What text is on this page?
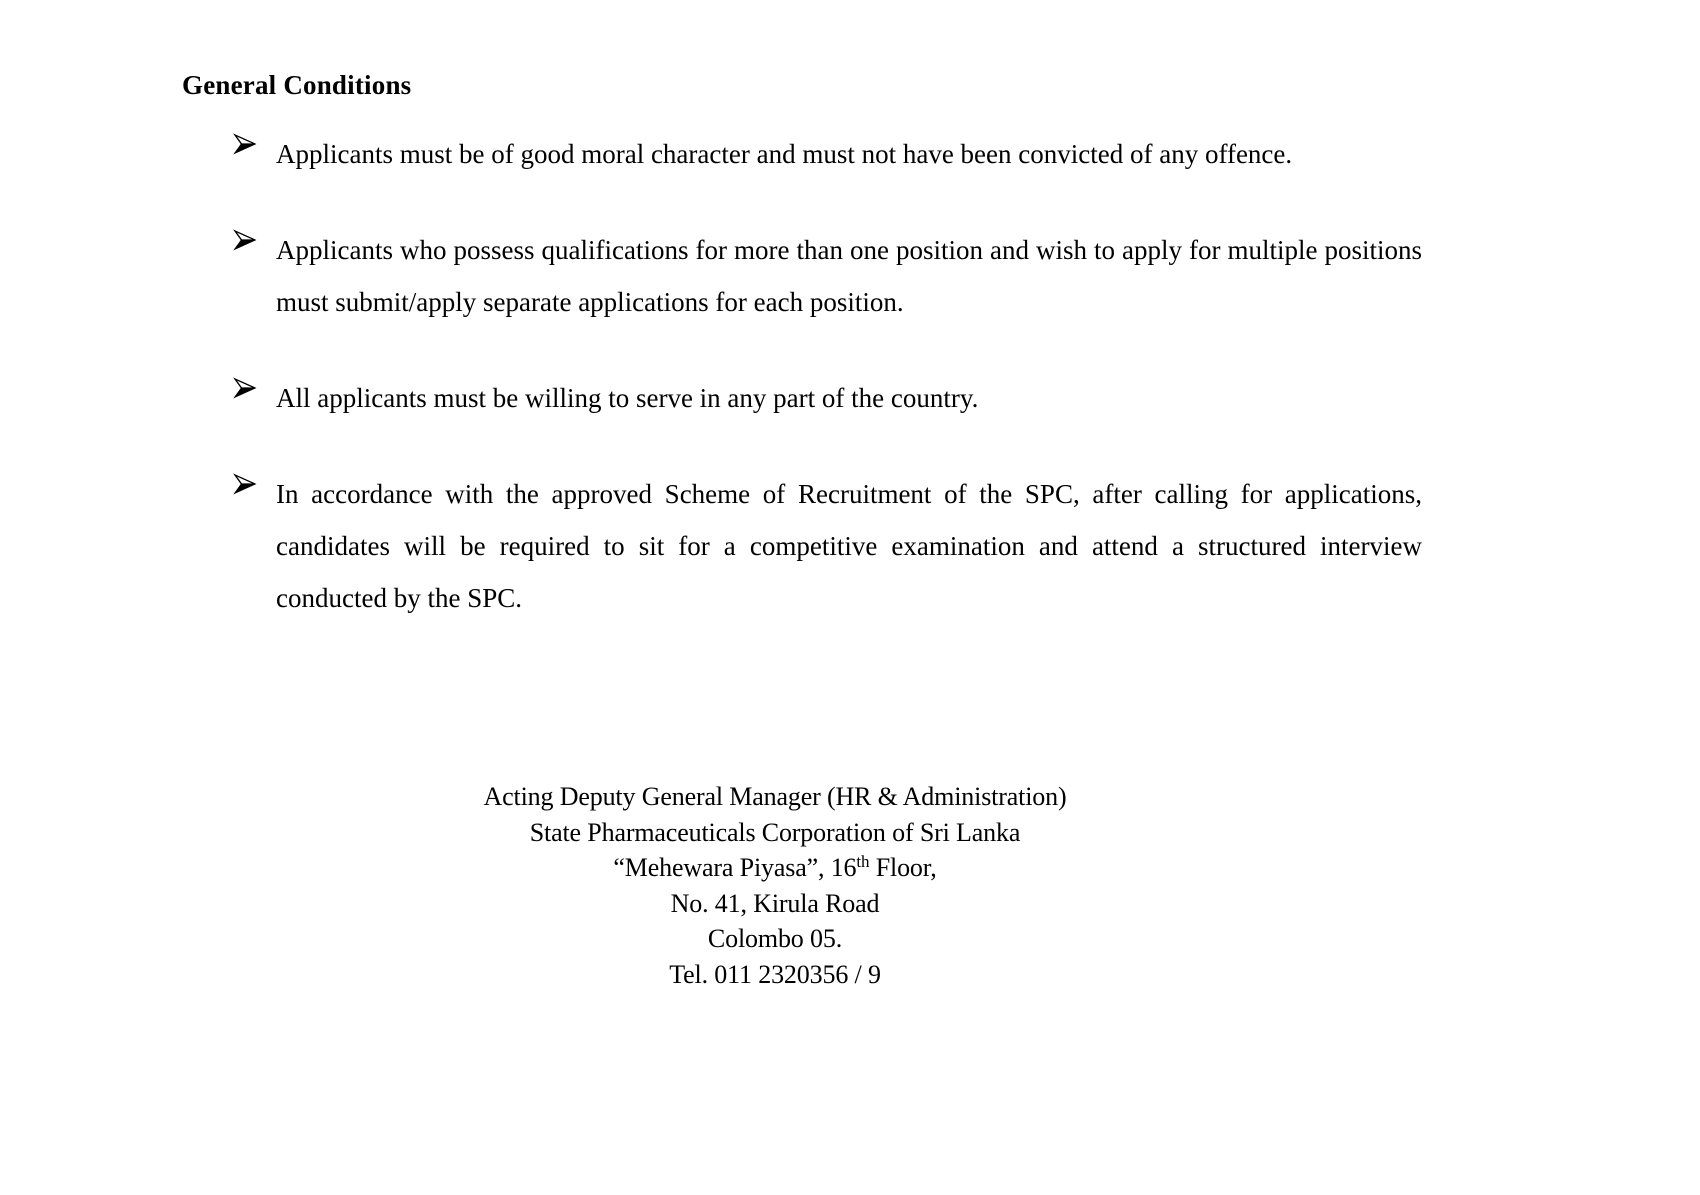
General Conditions
Applicants must be of good moral character and must not have been convicted of any offence.
Applicants who possess qualifications for more than one position and wish to apply for multiple positions must submit/apply separate applications for each position.
All applicants must be willing to serve in any part of the country.
In accordance with the approved Scheme of Recruitment of the SPC, after calling for applications, candidates will be required to sit for a competitive examination and attend a structured interview conducted by the SPC.
Acting Deputy General Manager (HR & Administration)
State Pharmaceuticals Corporation of Sri Lanka
“Mehewara Piyasa”, 16th Floor,
No. 41, Kirula Road
Colombo 05.
Tel. 011 2320356 / 9
